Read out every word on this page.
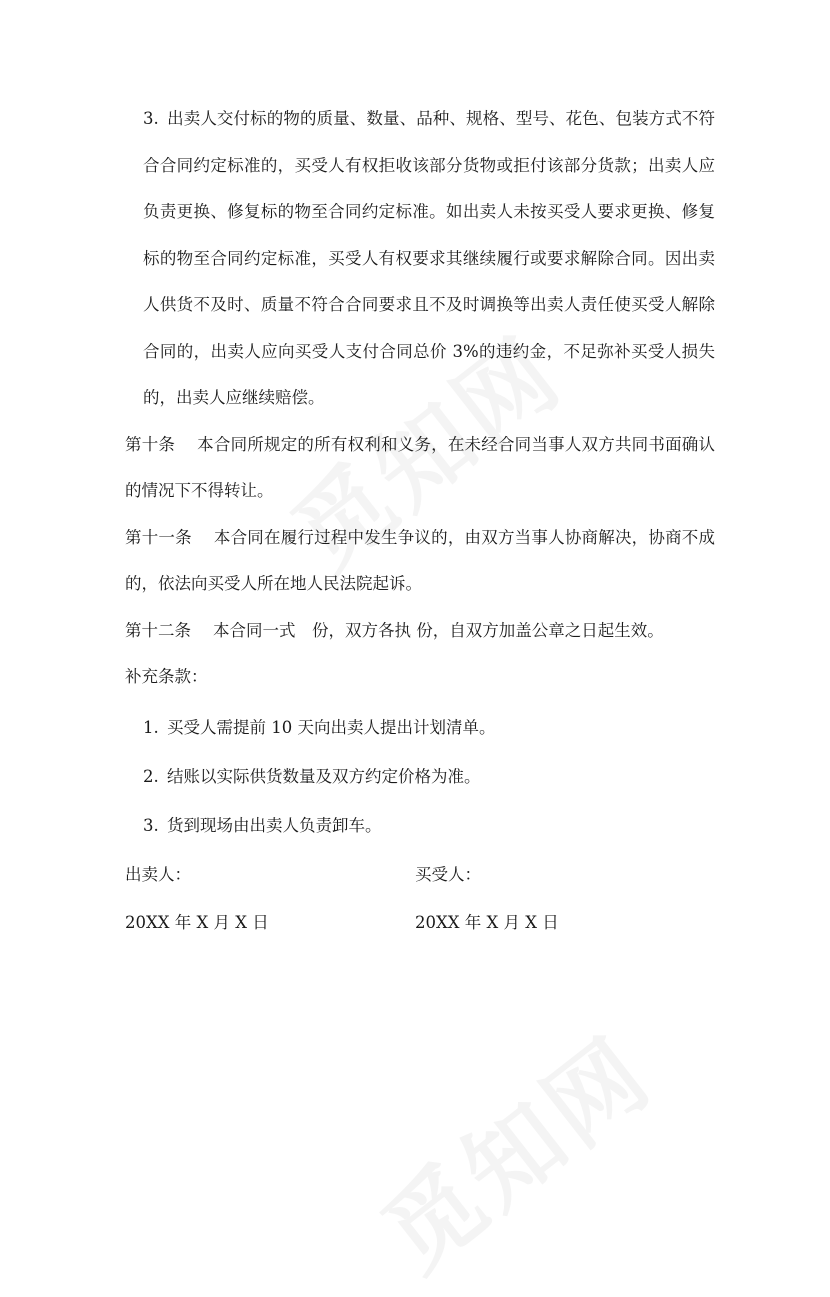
3. 出卖人交付标的物的质量、数量、品种、规格、型号、花色、包装方式不符合合同约定标准的，买受人有权拒收该部分货物或拒付该部分货款；出卖人应负责更换、修复标的物至合同约定标准。如出卖人未按买受人要求更换、修复标的物至合同约定标准，买受人有权要求其继续履行或要求解除合同。因出卖人供货不及时、质量不符合合同要求且不及时调换等出卖人责任使买受人解除合同的，出卖人应向买受人支付合同总价 3%的违约金，不足弥补买受人损失的，出卖人应继续赔偿。

第十条 本合同所规定的所有权利和义务，在未经合同当事人双方共同书面确认的情况下不得转让。

第十一条 本合同在履行过程中发生争议的，由双方当事人协商解决，协商不成的，依法向买受人所在地人民法院起诉。

第十二条 本合同一式　份，双方各执 份，自双方加盖公章之日起生效。

补充条款：

1. 买受人需提前 10 天向出卖人提出计划清单。

2. 结账以实际供货数量及双方约定价格为准。

3. 货到现场由出卖人负责卸车。

出卖人：	买受人：
20XX 年 X 月 X 日	20XX 年 X 月 X 日
